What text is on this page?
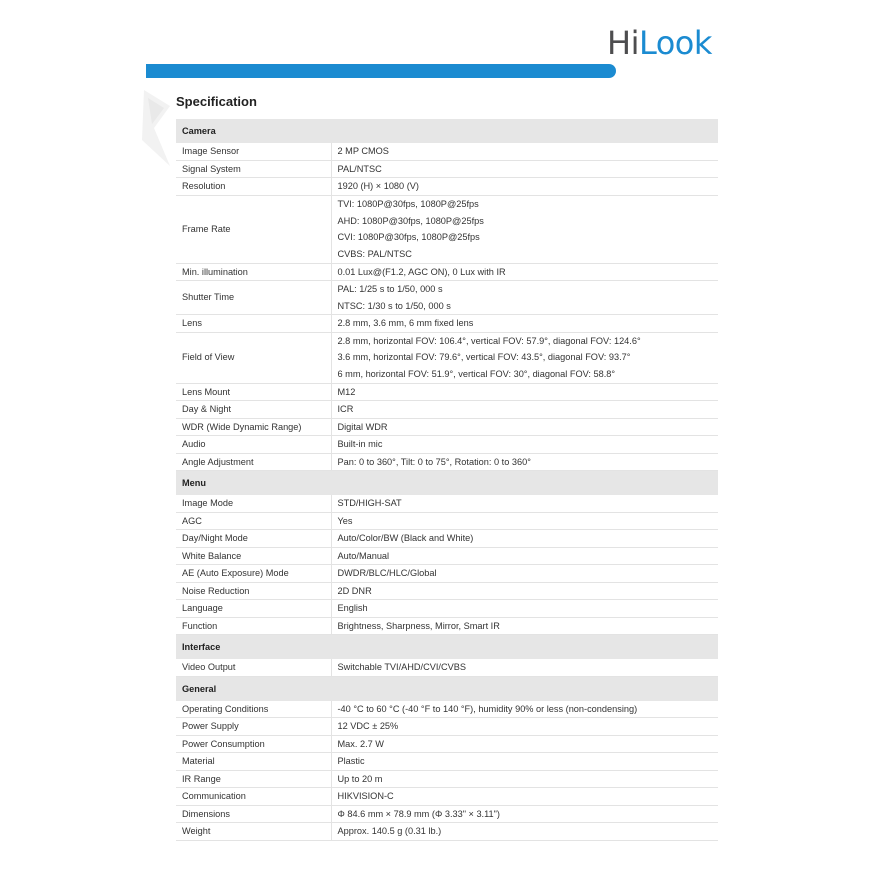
HiLook
Specification
Camera	
Image Sensor	2 MP CMOS

Signal System	PAL/NTSC

Resolution	1920 (H) × 1080 (V)

Frame Rate	TVI: 1080P@30fps, 1080P@25fps
AHD: 1080P@30fps, 1080P@25fps
CVI: 1080P@30fps, 1080P@25fps
CVBS: PAL/NTSC

Min. illumination	0.01 Lux@(F1.2, AGC ON), 0 Lux with IR

Shutter Time	PAL: 1/25 s to 1/50, 000 s
NTSC: 1/30 s to 1/50, 000 s

Lens	2.8 mm, 3.6 mm, 6 mm fixed lens

Field of View	2.8 mm, horizontal FOV: 106.4°, vertical FOV: 57.9°, diagonal FOV: 124.6°
3.6 mm, horizontal FOV: 79.6°, vertical FOV: 43.5°, diagonal FOV: 93.7°
6 mm, horizontal FOV: 51.9°, vertical FOV: 30°, diagonal FOV: 58.8°

Lens Mount	M12

Day & Night	ICR

WDR (Wide Dynamic Range)	Digital WDR

Audio	Built-in mic

Angle Adjustment	Pan: 0 to 360°, Tilt: 0 to 75°, Rotation: 0 to 360°

Menu	
Image Mode	STD/HIGH-SAT

AGC	Yes

Day/Night Mode	Auto/Color/BW (Black and White)

White Balance	Auto/Manual

AE (Auto Exposure) Mode	DWDR/BLC/HLC/Global

Noise Reduction	2D DNR

Language	English

Function	Brightness, Sharpness, Mirror, Smart IR

Interface	
Video Output	Switchable TVI/AHD/CVI/CVBS

General	
Operating Conditions	-40 °C to 60 °C (-40 °F to 140 °F), humidity 90% or less (non-condensing)

Power Supply	12 VDC ± 25%

Power Consumption	Max. 2.7 W

Material	Plastic

IR Range	Up to 20 m

Communication	HIKVISION-C

Dimensions	Φ 84.6 mm × 78.9 mm (Φ 3.33" × 3.11")

Weight	Approx. 140.5 g (0.31 lb.)
